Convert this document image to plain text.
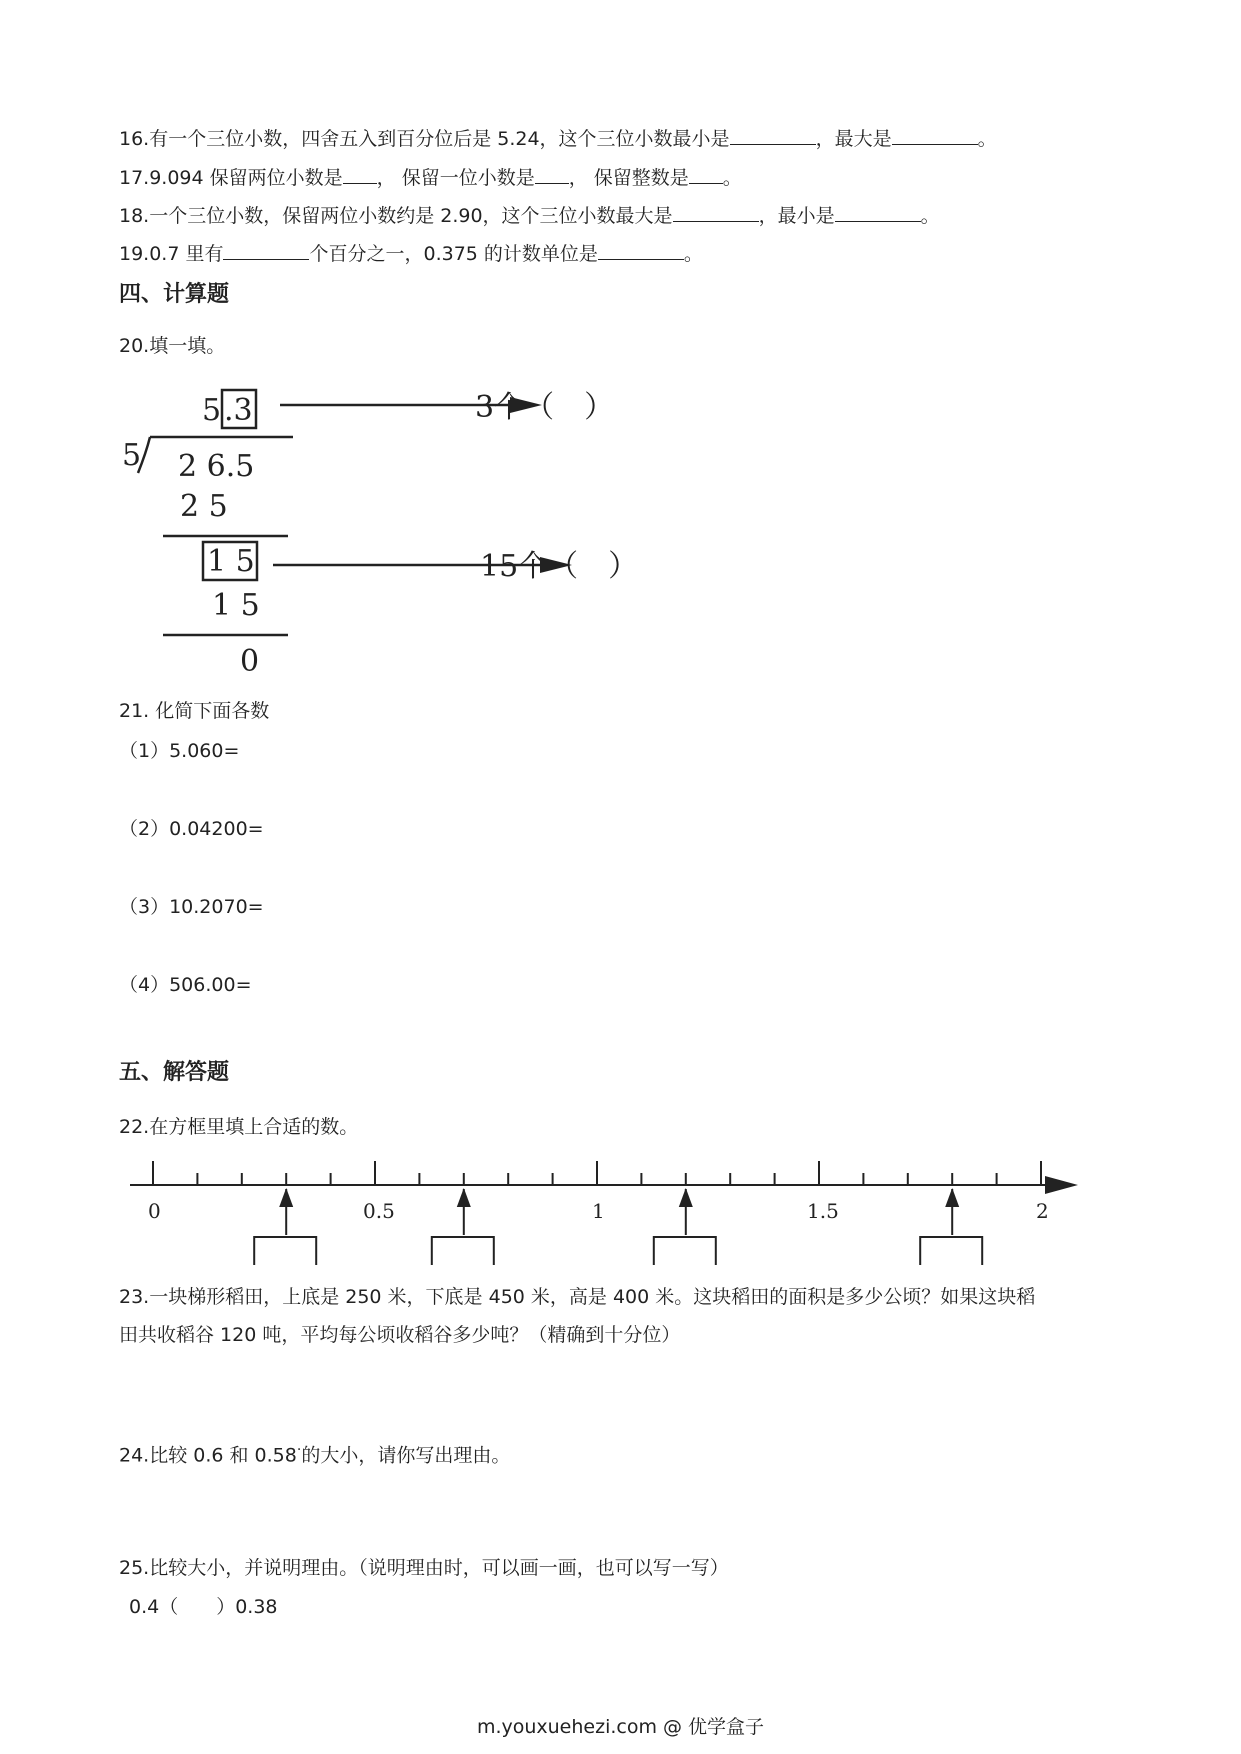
16.有一个三位小数，四舍五入到百分位后是 5.24，这个三位小数最小是	，最大是	。
17.9.094 保留两位小数是 ， 保留一位小数是 ， 保留整数是 。
18.一个三位小数，保留两位小数约是 2.90，这个三位小数最大是	，最小是	。
19.0.7 里有	个百分之一，0.375 的计数单位是	。
四、计算题
20.填一填。
5 .3
5 2 6.5
2 5
1 5
1 5
0
3个（　）
15个（　）
21. 化简下面各数
（1）5.060=
（2）0.04200=
（3）10.2070=
（4）506.00=
五、解答题
22.在方框里填上合适的数。
0	0.5	1	1.5	2
23.一块梯形稻田，上底是 250 米，下底是 450 米，高是 400 米。这块稻田的面积是多少公顷？如果这块稻
田共收稻谷 120 吨，平均每公顷收稻谷多少吨？（精确到十分位）
24.比较 0.6 和 0.58·的大小，请你写出理由。
25.比较大小，并说明理由。（说明理由时，可以画一画，也可以写一写）
0.4（　　）0.38
m.youxuehezi.com @ 优学盒子
